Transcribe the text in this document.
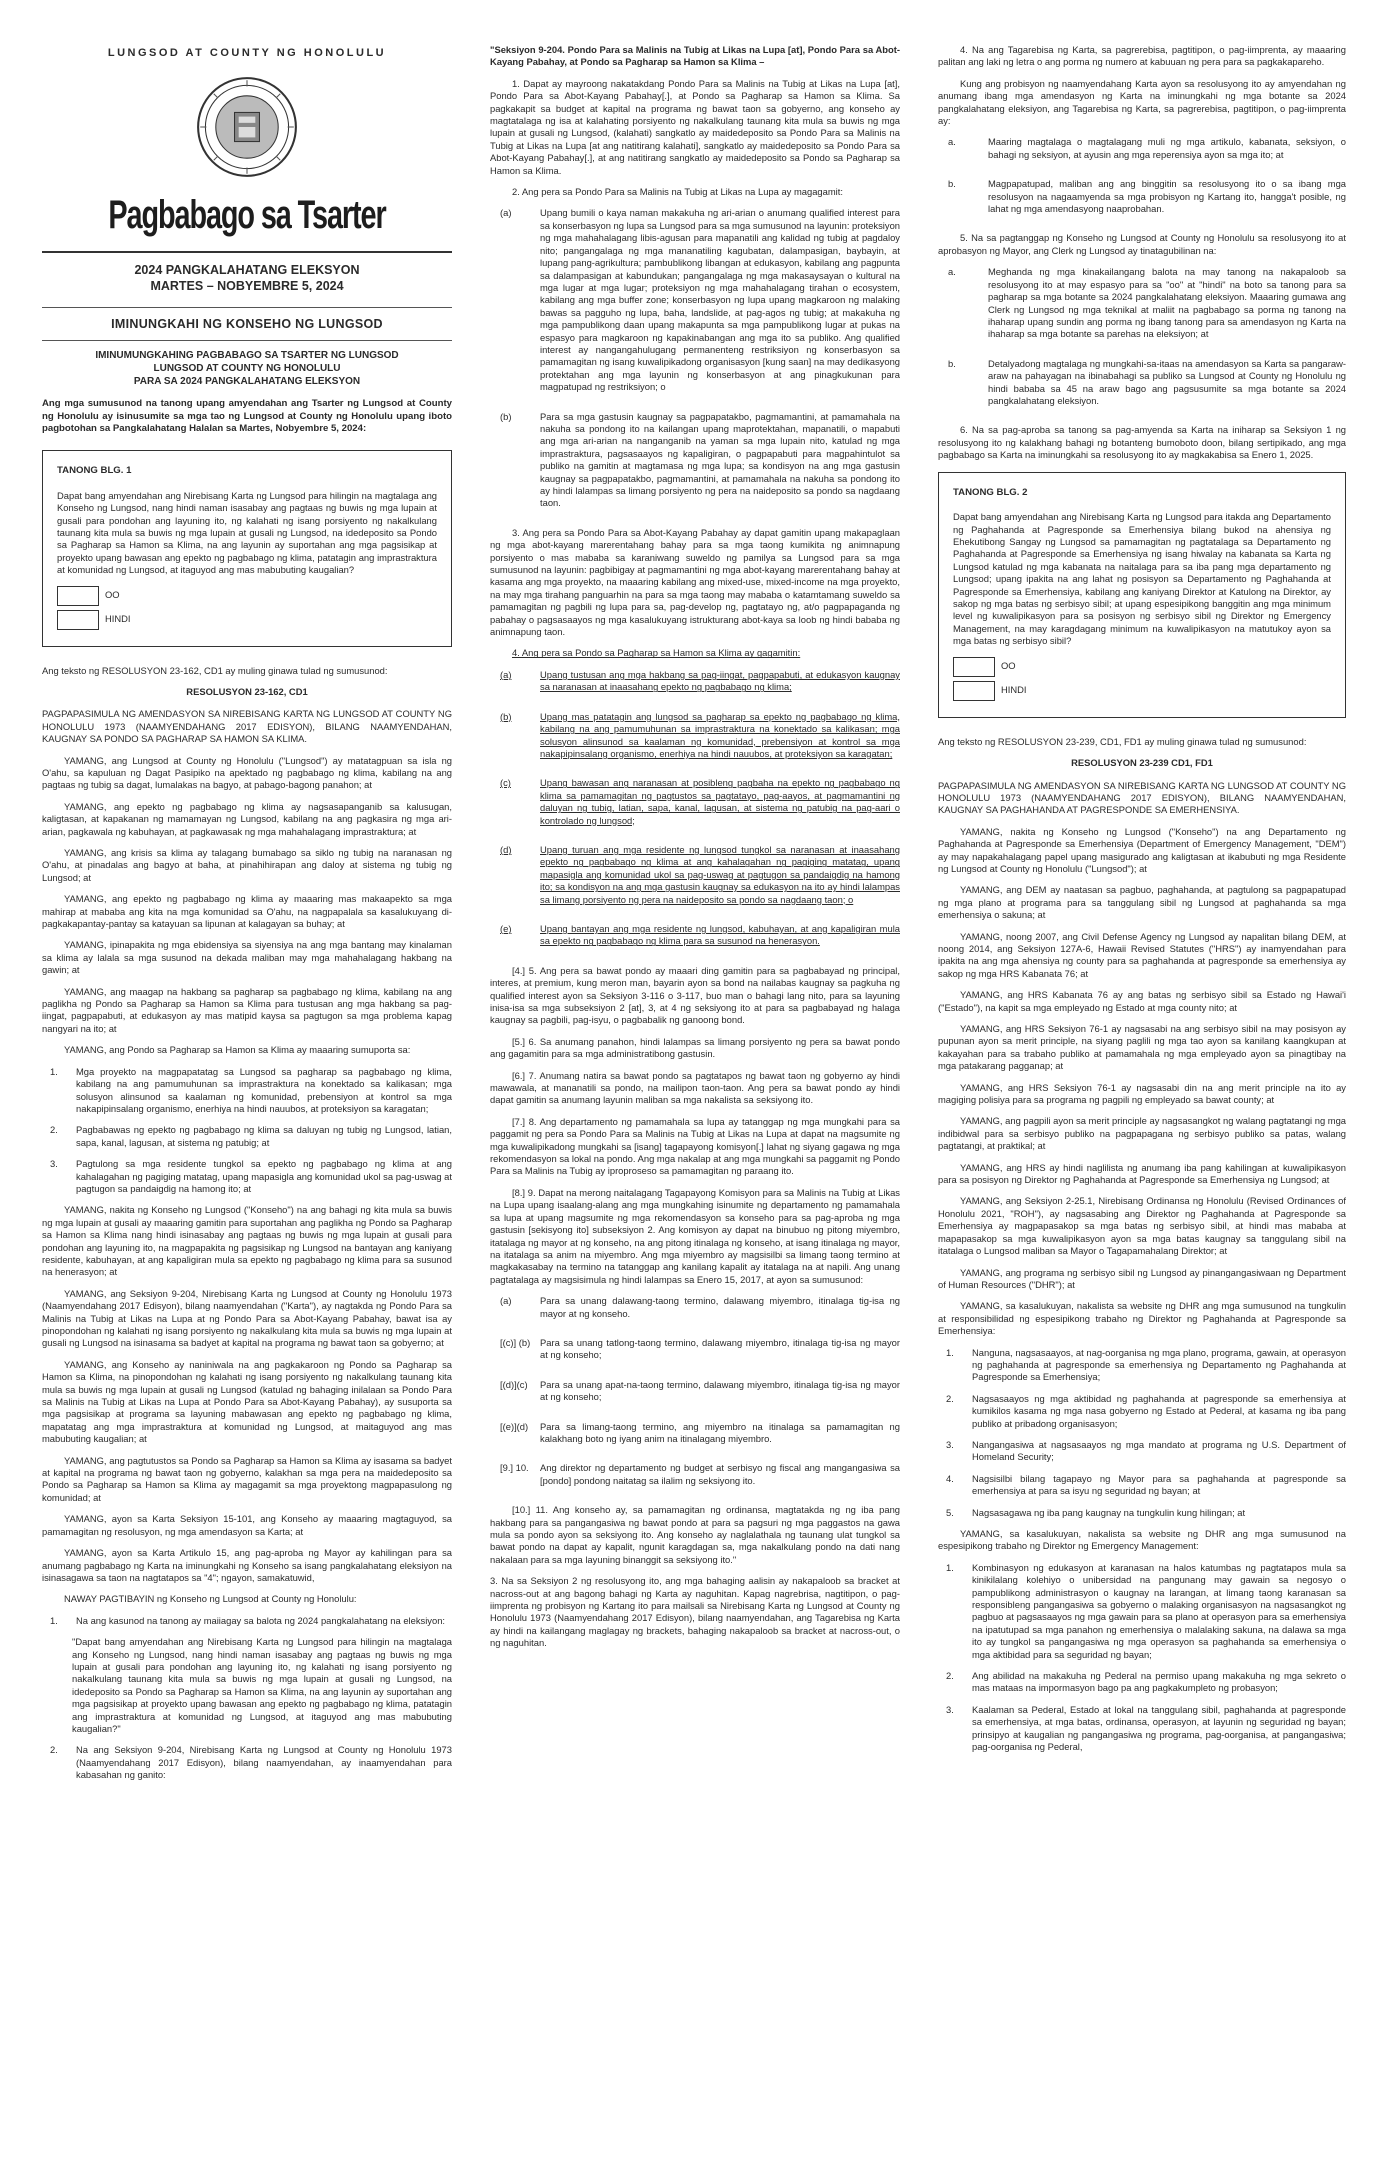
LUNGSOD AT COUNTY NG HONOLULU
Pagbabago sa Tsarter
2024 PANGKALAHATANG ELEKSYON
MARTES – NOBYEMBRE 5, 2024
IMINUNGKAHI NG KONSEHO NG LUNGSOD
IMINUMUNGKAHING PAGBABAGO SA TSARTER NG LUNGSOD
LUNGSOD AT COUNTY NG HONOLULU
PARA SA 2024 PANGKALAHATANG ELEKSYON
Ang mga sumusunod na tanong upang amyendahan ang Tsarter ng Lungsod at County ng Honolulu ay isinusumite sa mga tao ng Lungsod at County ng Honolulu upang iboto pagbotohan sa Pangkalahatang Halalan sa Martes, Nobyembre 5, 2024:
TANONG BLG. 1

Dapat bang amyendahan ang Nirebisang Karta ng Lungsod para hilingin na magtalaga ang Konseho ng Lungsod, nang hindi naman isasabay ang pagtaas ng buwis ng mga lupain at gusali para pondohan ang layuning ito, ng kalahati ng isang porsiyento ng nakalkulang taunang kita mula sa buwis ng mga lupain at gusali ng Lungsod, na idedeposito sa Pondo sa Pagharap sa Hamon sa Klima, na ang layunin ay suportahan ang mga pagsisikap at proyekto upang bawasan ang epekto ng pagbabago ng klima, patatagin ang imprastraktura at komunidad ng Lungsod, at itaguyod ang mas mabubuting kaugalian?

OO
HINDI

Ang teksto ng RESOLUSYON 23-162, CD1 ay muling ginawa tulad ng sumusunod:

RESOLUSYON 23-162, CD1

PAGPAPASIMULA NG AMENDASYON SA NIREBISANG KARTA NG LUNGSOD AT COUNTY NG HONOLULU 1973 (NAAMYENDAHANG 2017 EDISYON), BILANG NAAMYENDAHAN, KAUGNAY SA PONDO SA PAGHARAP SA HAMON SA KLIMA.

YAMANG, ang Lungsod at County ng Honolulu ("Lungsod") ay matatagpuan sa isla ng O'ahu, sa kapuluan ng Dagat Pasipiko na apektado ng pagbabago ng klima, kabilang na ang pagtaas ng tubig sa dagat, lumalakas na bagyo, at pabago-bagong panahon; at

YAMANG, ang epekto ng pagbabago ng klima ay nagsasapanganib sa kalusugan, kaligtasan, at kapakanan ng mamamayan ng Lungsod, kabilang na ang pagkasira ng mga ari-arian, pagkawala ng kabuhayan, at pagkawasak ng mga mahahalagang imprastraktura; at

YAMANG, ang krisis sa klima ay talagang bumabago sa siklo ng tubig na naranasan ng O'ahu, at pinadalas ang bagyo at baha, at pinahihirapan ang daloy at sistema ng tubig ng Lungsod; at

YAMANG, ang epekto ng pagbabago ng klima ay maaaring mas makaapekto sa mga mahirap at mababa ang kita na mga komunidad sa O'ahu, na nagpapalala sa kasalukuyang di-pagkakapantay-pantay sa katayuan sa lipunan at kalagayan sa buhay; at

YAMANG, ipinapakita ng mga ebidensiya sa siyensiya na ang mga bantang may kinalaman sa klima ay lalala sa mga susunod na dekada maliban may mga mahahalagang hakbang na gawin; at

YAMANG, ang maagap na hakbang sa pagharap sa pagbabago ng klima, kabilang na ang paglikha ng Pondo sa Pagharap sa Hamon sa Klima para tustusan ang mga hakbang sa pag-iingat, pagpapabuti, at edukasyon ay mas matipid kaysa sa pagtugon sa mga problema kapag nangyari na ito; at

YAMANG, ang Pondo sa Pagharap sa Hamon sa Klima ay maaaring sumuporta sa:

1.	Mga proyekto na magpapatatag sa Lungsod sa pagharap sa pagbabago ng klima, kabilang na ang pamumuhunan sa imprastraktura na konektado sa kalikasan; mga solusyon alinsunod sa kaalaman ng komunidad, prebensiyon at kontrol sa mga nakapipinsalang organismo, enerhiya na hindi nauubos, at proteksiyon sa karagatan;

2.	Pagbabawas ng epekto ng pagbabago ng klima sa daluyan ng tubig ng Lungsod, latian, sapa, kanal, lagusan, at sistema ng patubig; at

3.	Pagtulong sa mga residente tungkol sa epekto ng pagbabago ng klima at ang kahalagahan ng pagiging matatag, upang mapasigla ang komunidad ukol sa pag-uswag at pagtugon sa pandaigdig na hamong ito; at

YAMANG, nakita ng Konseho ng Lungsod ("Konseho") na ang bahagi ng kita mula sa buwis ng mga lupain at gusali ay maaaring gamitin para suportahan ang paglikha ng Pondo sa Pagharap sa Hamon sa Klima nang hindi isinasabay ang pagtaas ng buwis ng mga lupain at gusali para pondohan ang layuning ito, na magpapakita ng pagsisikap ng Lungsod na bantayan ang kaniyang residente, kabuhayan, at ang kapaligiran mula sa epekto ng pagbabago ng klima para sa susunod na henerasyon; at

YAMANG, ang Seksiyon 9-204, Nirebisang Karta ng Lungsod at County ng Honolulu 1973 (Naamyendahang 2017 Edisyon), bilang naamyendahan ("Karta"), ay nagtakda ng Pondo Para sa Malinis na Tubig at Likas na Lupa at ng Pondo Para sa Abot-Kayang Pabahay, bawat isa ay pinopondohan ng kalahati ng isang porsiyento ng nakalkulang kita mula sa buwis ng mga lupain at gusali ng Lungsod na isinasama sa badyet at kapital na programa ng bawat taon sa gobyerno; at

YAMANG, ang Konseho ay naniniwala na ang pagkakaroon ng Pondo sa Pagharap sa Hamon sa Klima, na pinopondohan ng kalahati ng isang porsiyento ng nakalkulang taunang kita mula sa buwis ng mga lupain at gusali ng Lungsod (katulad ng bahaging inilalaan sa Pondo Para sa Malinis na Tubig at Likas na Lupa at Pondo Para sa Abot-Kayang Pabahay), ay susuporta sa mga pagsisikap at programa sa layuning mabawasan ang epekto ng pagbabago ng klima, mapatatag ang mga imprastraktura at komunidad ng Lungsod, at maitaguyod ang mas mabubuting kaugalian; at

YAMANG, ang pagtutustos sa Pondo sa Pagharap sa Hamon sa Klima ay isasama sa badyet at kapital na programa ng bawat taon ng gobyerno, kalakhan sa mga pera na maidedeposito sa Pondo sa Pagharap sa Hamon sa Klima ay magagamit sa mga proyektong magpapasulong ng komunidad; at

YAMANG, ayon sa Karta Seksiyon 15-101, ang Konseho ay maaaring magtaguyod, sa pamamagitan ng resolusyon, ng mga amendasyon sa Karta; at

YAMANG, ayon sa Karta Artikulo 15, ang pag-aproba ng Mayor ay kahilingan para sa anumang pagbabago ng Karta na iminungkahi ng Konseho sa isang pangkalahatang eleksiyon na isinasagawa sa taon na nagtatapos sa "4"; ngayon, samakatuwid,

NAWAY PAGTIBAYIN ng Konseho ng Lungsod at County ng Honolulu:

1.	Na ang kasunod na tanong ay maiiagay sa balota ng 2024 pangkalahatang na eleksiyon:

"Dapat bang amyendahan ang Nirebisang Karta ng Lungsod para hilingin na magtalaga ang Konseho ng Lungsod, nang hindi naman isasabay ang pagtaas ng buwis ng mga lupain at gusali para pondohan ang layuning ito, ng kalahati ng isang porsiyento ng nakalkulang taunang kita mula sa buwis ng mga lupain at gusali ng Lungsod, na idedeposito sa Pondo sa Pagharap sa Hamon sa Klima, na ang layunin ay suportahan ang mga pagsisikap at proyekto upang bawasan ang epekto ng pagbabago ng klima, patatagin ang imprastraktura at komunidad ng Lungsod, at itaguyod ang mas mabubuting kaugalian?"

2.	Na ang Seksiyon 9-204, Nirebisang Karta ng Lungsod at County ng Honolulu 1973 (Naamyendahang 2017 Edisyon), bilang naamyendahan, ay inaamyendahan para kabasahan ng ganito:

"Seksiyon 9-204. Pondo Para sa Malinis na Tubig at Likas na Lupa [at], Pondo Para sa Abot-Kayang Pabahay, at Pondo sa Pagharap sa Hamon sa Klima –

1. Dapat ay mayroong nakatakdang Pondo Para sa Malinis na Tubig at Likas na Lupa [at], Pondo Para sa Abot-Kayang Pabahay[.], at Pondo sa Pagharap sa Hamon sa Klima. Sa pagkakapit sa budget at kapital na programa ng bawat taon sa gobyerno, ang konseho ay magtatalaga ng isa at kalahating porsiyento ng nakalkulang taunang kita mula sa buwis ng mga lupain at gusali ng Lungsod, (kalahati) sangkatlo ay maidedeposito sa Pondo Para sa Malinis na Tubig at Likas na Lupa [at ang natitirang kalahati], sangkatlo ay maidedeposito sa Pondo Para sa Abot-Kayang Pabahay[.], at ang natitirang sangkatlo ay maidedeposito sa Pondo sa Pagharap sa Hamon sa Klima.

2. Ang pera sa Pondo Para sa Malinis na Tubig at Likas na Lupa ay magagamit:

(a)	Upang bumili o kaya naman makakuha ng ari-arian o anumang qualified interest para sa konserbasyon ng lupa sa Lungsod para sa mga sumusunod na layunin: proteksiyon ng mga mahahalagang libis-agusan para mapanatili ang kalidad ng tubig at pagdaloy nito; pangangalaga ng mga mananatiling kagubatan, dalampasigan, baybayin, at lupang pang-agrikultura; pambublikong libangan at edukasyon, kabilang ang pagpunta sa dalampasigan at kabundukan; pangangalaga ng mga makasaysayan o kultural na mga lugar at mga lugar; proteksiyon ng mga mahahalagang tirahan o ecosystem, kabilang ang mga buffer zone; konserbasyon ng lupa upang magkaroon ng malaking bawas sa pagguho ng lupa, baha, landslide, at pag-agos ng tubig; at makakuha ng mga pampublikong daan upang makapunta sa mga pampublikong lugar at pukas na espasyo para magkaroon ng kapakinabangan ang mga ito sa publiko. Ang qualified interest ay nangangahulugang permanenteng restriksiyon ng konserbasyon sa pamamagitan ng isang kuwalipikadong organisasyon [kung saan] na may dedikasyong protektahan ang mga layunin ng konserbasyon at ang pinagkukunan para magpatupad ng restriksiyon; o

(b)	Para sa mga gastusin kaugnay sa pagpapatakbo, pagmamantini, at pamamahala na nakuha sa pondong ito na kailangan upang maprotektahan, mapanatili, o mapabuti ang mga ari-arian na nanganganib na yaman sa mga lupain nito, katulad ng mga imprastraktura, pagsasaayos ng kapaligiran, o pagpapabuti para magpahintulot sa publiko na gamitin at magtamasa ng mga lupa; sa kondisyon na ang mga gastusin kaugnay sa pagpapatakbo, pagmamantini, at pamamahala na nakuha sa pondong ito ay hindi lalampas sa limang porsiyento ng pera na naideposito sa pondo sa nagdaang taon.

3. Ang pera sa Pondo Para sa Abot-Kayang Pabahay ay dapat gamitin upang makapaglaan ng mga abot-kayang marerentahang bahay para sa mga taong kumikita ng animnapung porsiyento o mas mababa sa karaniwang suweldo ng pamilya sa Lungsod para sa mga sumusunod na layunin: pagbibigay at pagmamantini ng mga abot-kayang marerentahang bahay at kasama ang mga proyekto, na maaaring kabilang ang mixed-use, mixed-income na mga proyekto, na may mga tirahang panguarhin na para sa mga taong may mababa o katamtamang suweldo sa pamamagitan ng pagbili ng lupa para sa, pag-develop ng, pagtatayo ng, at/o pagpapaganda ng pabahay o pagsasaayos ng mga kasalukuyang istrukturang abot-kaya sa loob ng hindi bababa ng animnapung taon.

4. Ang pera sa Pondo sa Pagharap sa Hamon sa Klima ay gagamitin:

(a)	Upang tustusan ang mga hakbang sa pag-iingat, pagpapabuti, at edukasyon kaugnay sa naranasan at inaasahang epekto ng pagbabago ng klima;

(b)	Upang mas patatagin ang lungsod sa pagharap sa epekto ng pagbabago ng klima, kabilang na ang pamumuhunan sa imprastraktura na konektado sa kalikasan; mga solusyon alinsunod sa kaalaman ng komunidad, prebensiyon at kontrol sa mga nakapipinsalang organismo, enerhiya na hindi nauubos, at proteksiyon sa karagatan;

(c)	Upang bawasan ang naranasan at posibleng pagbaha na epekto ng pagbabago ng klima sa pamamagitan ng pagtustos sa pagtatayo, pag-aayos, at pagmamantini ng daluyan ng tubig, latian, sapa, kanal, lagusan, at sistema ng patubig na pag-aari o kontrolado ng lungsod;

(d)	Upang turuan ang mga residente ng lungsod tungkol sa naranasan at inaasahang epekto ng pagbabago ng klima at ang kahalagahan ng pagiging matatag, upang mapasigla ang komunidad ukol sa pag-uswag at pagtugon sa pandaigdig na hamong ito; sa kondisyon na ang mga gastusin kaugnay sa edukasyon na ito ay hindi lalampas sa limang porsiyento ng pera na naideposito sa pondo sa nagdaang taon; o

(e)	Upang bantayan ang mga residente ng lungsod, kabuhayan, at ang kapaligiran mula sa epekto ng pagbabago ng klima para sa susunod na henerasyon.

[4.] 5. Ang pera sa bawat pondo ay maaari ding gamitin para sa pagbabayad ng principal, interes, at premium, kung meron man, bayarin ayon sa bond na nailabas kaugnay sa pagkuha ng qualified interest ayon sa Seksiyon 3-116 o 3-117, buo man o bahagi lang nito, para sa layuning inisa-isa sa mga subseksiyon 2 [at], 3, at 4 ng seksiyong ito at para sa pagbabayad ng halaga kaugnay sa pagbili, pag-isyu, o pagbabalik ng ganoong bond.

[5.] 6. Sa anumang panahon, hindi lalampas sa limang porsiyento ng pera sa bawat pondo ang gagamitin para sa mga administratibong gastusin.

[6.] 7. Anumang natira sa bawat pondo sa pagtatapos ng bawat taon ng gobyerno ay hindi mawawala, at mananatili sa pondo, na mailipon taon-taon. Ang pera sa bawat pondo ay hindi dapat gamitin sa anumang layunin maliban sa mga nakalista sa seksiyong ito.

[7.] 8. Ang departamento ng pamamahala sa lupa ay tatanggap ng mga mungkahi para sa paggamit ng pera sa Pondo Para sa Malinis na Tubig at Likas na Lupa at dapat na magsumite ng mga kuwalipikadong mungkahi sa [isang] tagapayong komisyon[.] lahat ng siyang gagawa ng mga rekomendasyon sa lokal na pondo. Ang mga nakalap at ang mga mungkahi sa paggamit ng Pondo Para sa Malinis na Tubig ay iproproseso sa pamamagitan ng paraang ito.

[8.] 9. Dapat na merong naitalagang Tagapayong Komisyon para sa Malinis na Tubig at Likas na Lupa upang isaalang-alang ang mga mungkahing isinumite ng departamento ng pamamahala sa lupa at upang magsumite ng mga rekomendasyon sa konseho para sa pag-aproba ng mga gastusin [sekisyong ito] subseksiyon 2. Ang komisyon ay dapat na binubuo ng pitong miyembro, itatalaga ng mayor at ng konseho, na ang pitong itinalaga ng konseho, at isang itinalaga ng mayor, na itatalaga sa anim na miyembro. Ang mga miyembro ay magsisilbi sa limang taong termino at magkakasabay na termino na tatanggap ang kanilang kapalit ay itatalaga na at napili. Ang unang pagtatalaga ay magsisimula ng hindi lalampas sa Enero 15, 2017, at ayon sa sumusunod:

(a)	Para sa unang dalawang-taong termino, dalawang miyembro, itinalaga tig-isa ng mayor at ng konseho.

[(c)] (b)	Para sa unang tatlong-taong termino, dalawang miyembro, itinalaga tig-isa ng mayor at ng konseho;

[(d)](c)	Para sa unang apat-na-taong termino, dalawang miyembro, itinalaga tig-isa ng mayor at ng konseho;

[(e)](d)	Para sa limang-taong termino, ang miyembro na itinalaga sa pamamagitan ng kalakhang boto ng iyang anim na itinalagang miyembro.

[9.] 10.	Ang direktor ng departamento ng budget at serbisyo ng fiscal ang mangangasiwa sa [pondo] pondong naitatag sa ilalim ng seksiyong ito.

[10.] 11. Ang konseho ay, sa pamamagitan ng ordinansa, magtatakda ng ng iba pang hakbang para sa pangangasiwa ng bawat pondo at para sa pagsuri ng mga paggastos na gawa mula sa pondo ayon sa seksiyong ito. Ang konseho ay naglalathala ng taunang ulat tungkol sa bawat pondo na dapat ay kapalit, ngunit karagdagan sa, mga nakalkulang pondo na dati nang nakalaan para sa mga layuning binanggit sa seksiyong ito."

3. Na sa Seksiyon 2 ng resolusyong ito, ang mga bahaging aalisin ay nakapaloob sa bracket at nacross-out at ang bagong bahagi ng Karta ay naguhitan. Kapag nagrebrisa, nagtitipon, o pag-iimprenta ng probisyon ng Kartang ito para mailsali sa Nirebisang Karta ng Lungsod at County ng Honolulu 1973 (Naamyendahang 2017 Edisyon), bilang naamyendahan, ang Tagarebisa ng Karta ay hindi na kailangang maglagay ng brackets, bahaging nakapaloob sa bracket at nacross-out, o ng naguhitan.

4. Na ang Tagarebisa ng Karta, sa pagrerebisa, pagtitipon, o pag-iimprenta, ay maaaring palitan ang laki ng letra o ang porma ng numero at kabuuan ng pera para sa pagkakapareho.

Kung ang probisyon ng naamyendahang Karta ayon sa resolusyong ito ay amyendahan ng anumang ibang mga amendasyon ng Karta na iminungkahi ng mga botante sa 2024 pangkalahatang eleksiyon, ang Tagarebisa ng Karta, sa pagrerebisa, pagtitipon, o pag-iimprenta ay:

a.	Maaring magtalaga o magtalagang muli ng mga artikulo, kabanata, seksiyon, o bahagi ng seksiyon, at ayusin ang mga reperensiya ayon sa mga ito; at

b.	Magpapatupad, maliban ang ang binggitin sa resolusyong ito o sa ibang mga resolusyon na nagaamyenda sa mga probisyon ng Kartang ito, hangga't posible, ng lahat ng mga amendasyong naaprobahan.

5. Na sa pagtanggap ng Konseho ng Lungsod at County ng Honolulu sa resolusyong ito at aprobasyon ng Mayor, ang Clerk ng Lungsod ay tinatagubilinan na:

a.	Meghanda ng mga kinakailangang balota na may tanong na nakapaloob sa resolusyong ito at may espasyo para sa "oo" at "hindi" na boto sa tanong para sa pagharap sa mga botante sa 2024 pangkalahatang eleksiyon. Maaaring gumawa ang Clerk ng Lungsod ng mga teknikal at maliit na pagbabago sa porma ng tanong na ihaharap upang sundin ang porma ng ibang tanong para sa amendasyon ng Karta na ihaharap sa mga botante sa parehas na eleksiyon; at

b.	Detalyadong magtalaga ng mungkahi-sa-itaas na amendasyon sa Karta sa pangaraw-araw na pahayagan na ibinabahagi sa publiko sa Lungsod at County ng Honolulu ng hindi bababa sa 45 na araw bago ang pagsusumite sa mga botante sa 2024 pangkalahatang eleksiyon.

6. Na sa pag-aproba sa tanong sa pag-amyenda sa Karta na iniharap sa Seksiyon 1 ng resolusyong ito ng kalakhang bahagi ng botanteng bumoboto doon, bilang sertipikado, ang mga pagbabago sa Karta na iminungkahi sa resolusyong ito ay magkakabisa sa Enero 1, 2025.

TANONG BLG. 2

Dapat bang amyendahan ang Nirebisang Karta ng Lungsod para itakda ang Departamento ng Paghahanda at Pagresponde sa Emerhensiya bilang bukod na ahensiya ng Ehekutibong Sangay ng Lungsod sa pamamagitan ng pagtatalaga sa Departamento ng Paghahanda at Pagresponde sa Emerhensiya ng isang hiwalay na kabanata sa Karta ng Lungsod katulad ng mga kabanata na naitalaga para sa iba pang mga departamento ng Lungsod; upang ipakita na ang lahat ng posisyon sa Departamento ng Paghahanda at Pagresponde sa Emerhensiya, kabilang ang kaniyang Direktor at Katulong na Direktor, ay sakop ng mga batas ng serbisyo sibil; at upang espesipikong banggitin ang mga minimum level ng kuwalipikasyon para sa posisyon ng serbisyo sibil ng Direktor ng Emergency Management, na may karagdagang minimum na kuwalipikasyon na matutukoy ayon sa mga batas ng serbisyo sibil?

OO
HINDI

Ang teksto ng RESOLUSYON 23-239, CD1, FD1 ay muling ginawa tulad ng sumusunod:

RESOLUSYON 23-239 CD1, FD1

PAGPAPASIMULA NG AMENDASYON SA NIREBISANG KARTA NG LUNGSOD AT COUNTY NG HONOLULU 1973 (NAAMYENDAHANG 2017 EDISYON), BILANG NAAMYENDAHAN, KAUGNAY SA PAGHAHANDA AT PAGRESPONDE SA EMERHENSIYA.

YAMANG, nakita ng Konseho ng Lungsod ("Konseho") na ang Departamento ng Paghahanda at Pagresponde sa Emerhensiya (Department of Emergency Management, "DEM") ay may napakahalagang papel upang masigurado ang kaligtasan at ikabubuti ng mga Residente ng Lungsod at County ng Honolulu ("Lungsod"); at

YAMANG, ang DEM ay naatasan sa pagbuo, paghahanda, at pagtulong sa pagpapatupad ng mga plano at programa para sa tanggulang sibil ng Lungsod at paghahanda sa mga emerhensiya o sakuna; at

YAMANG, noong 2007, ang Civil Defense Agency ng Lungsod ay napalitan bilang DEM, at noong 2014, ang Seksiyon 127A-6, Hawaii Revised Statutes ("HRS") ay inamyendahan para ipakita na ang mga ahensiya ng county para sa paghahanda at pagresponde sa emerhensiya ay sakop ng mga HRS Kabanata 76; at

YAMANG, ang HRS Kabanata 76 ay ang batas ng serbisyo sibil sa Estado ng Hawai'i ("Estado"), na kapit sa mga empleyado ng Estado at mga county nito; at

YAMANG, ang HRS Seksiyon 76-1 ay nagsasabi na ang serbisyo sibil na may posisyon ay pupunan ayon sa merit principle, na siyang paglili ng mga tao ayon sa kanilang kaangkupan at kakayahan para sa trabaho publiko at pamamahala ng mga empleyado ayon sa pinagtibay na mga patakarang pagganap; at

YAMANG, ang HRS Seksiyon 76-1 ay nagsasabi din na ang merit principle na ito ay magiging polisiya para sa programa ng pagpili ng empleyado sa bawat county; at

YAMANG, ang pagpili ayon sa merit principle ay nagsasangkot ng walang pagtatangi ng mga indibidwal para sa serbisyo publiko na pagpapagana ng serbisyo publiko sa patas, walang pagtatangi, at praktikal; at

YAMANG, ang HRS ay hindi naglilista ng anumang iba pang kahilingan at kuwalipikasyon para sa posisyon ng Direktor ng Paghahanda at Pagresponde sa Emerhensiya ng Lungsod; at

YAMANG, ang Seksiyon 2-25.1, Nirebisang Ordinansa ng Honolulu (Revised Ordinances of Honolulu 2021, "ROH"), ay nagsasabing ang Direktor ng Paghahanda at Pagresponde sa Emerhensiya ay magpapasakop sa mga batas ng serbisyo sibil, at hindi mas mababa at mapapasakop sa mga kuwalipikasyon ayon sa mga batas kaugnay sa tanggulang sibil na itatalaga o Lungsod maliban sa Mayor o Tagapamahalang Direktor; at

YAMANG, ang programa ng serbisyo sibil ng Lungsod ay pinangangasiwaan ng Department of Human Resources ("DHR"); at

YAMANG, sa kasalukuyan, nakalista sa website ng DHR ang mga sumusunod na tungkulin at responsibilidad ng espesipikong trabaho ng Direktor ng Paghahanda at Pagresponde sa Emerhensiya:

1.	Nanguna, nagsasaayos, at nag-oorganisa ng mga plano, programa, gawain, at operasyon ng paghahanda at pagresponde sa emerhensiya ng Departamento ng Paghahanda at Pagresponde sa Emerhensiya;

2.	Nagsasaayos ng mga aktibidad ng paghahanda at pagresponde sa emerhensiya at kumikilos kasama ng mga nasa gobyerno ng Estado at Pederal, at kasama ng iba pang publiko at pribadong organisasyon;

3.	Nangangasiwa at nagsasaayos ng mga mandato at programa ng U.S. Department of Homeland Security;

4.	Nagsisilbi bilang tagapayo ng Mayor para sa paghahanda at pagresponde sa emerhensiya at para sa isyu ng seguridad ng bayan; at

5.	Nagsasagawa ng iba pang kaugnay na tungkulin kung hilingan; at

YAMANG, sa kasalukuyan, nakalista sa website ng DHR ang mga sumusunod na espesipikong trabaho ng Direktor ng Emergency Management:

1.	Kombinasyon ng edukasyon at karanasan na halos katumbas ng pagtatapos mula sa kinikilalang kolehiyo o unibersidad na pangunang may gawain sa negosyo o pampublikong administrasyon o kaugnay na larangan, at limang taong karanasan sa responsibleng pangangasiwa sa gobyerno o malaking organisasyon na nagsasangkot ng pagbuo at pagsasaayos ng mga gawain para sa plano at operasyon para sa emerhensiya na ipatutupad sa mga panahon ng emerhensiya o malalaking sakuna, na dalawa sa mga ito ay tungkol sa pangangasiwa ng mga operasyon sa paghahanda sa emerhensiya o mga aktibidad para sa seguridad ng bayan;

2.	Ang abilidad na makakuha ng Pederal na permiso upang makakuha ng mga sekreto o mas mataas na impormasyon bago pa ang pagkakumpleto ng probasyon;

3.	Kaalaman sa Pederal, Estado at lokal na tanggulang sibil, paghahanda at pagresponde sa emerhensiya, at mga batas, ordinansa, operasyon, at layunin ng seguridad ng bayan; prinsipyo at kaugalian ng pangangasiwa ng programa, pag-oorganisa, at pangangasiwa; pag-oorganisa ng Pederal,
